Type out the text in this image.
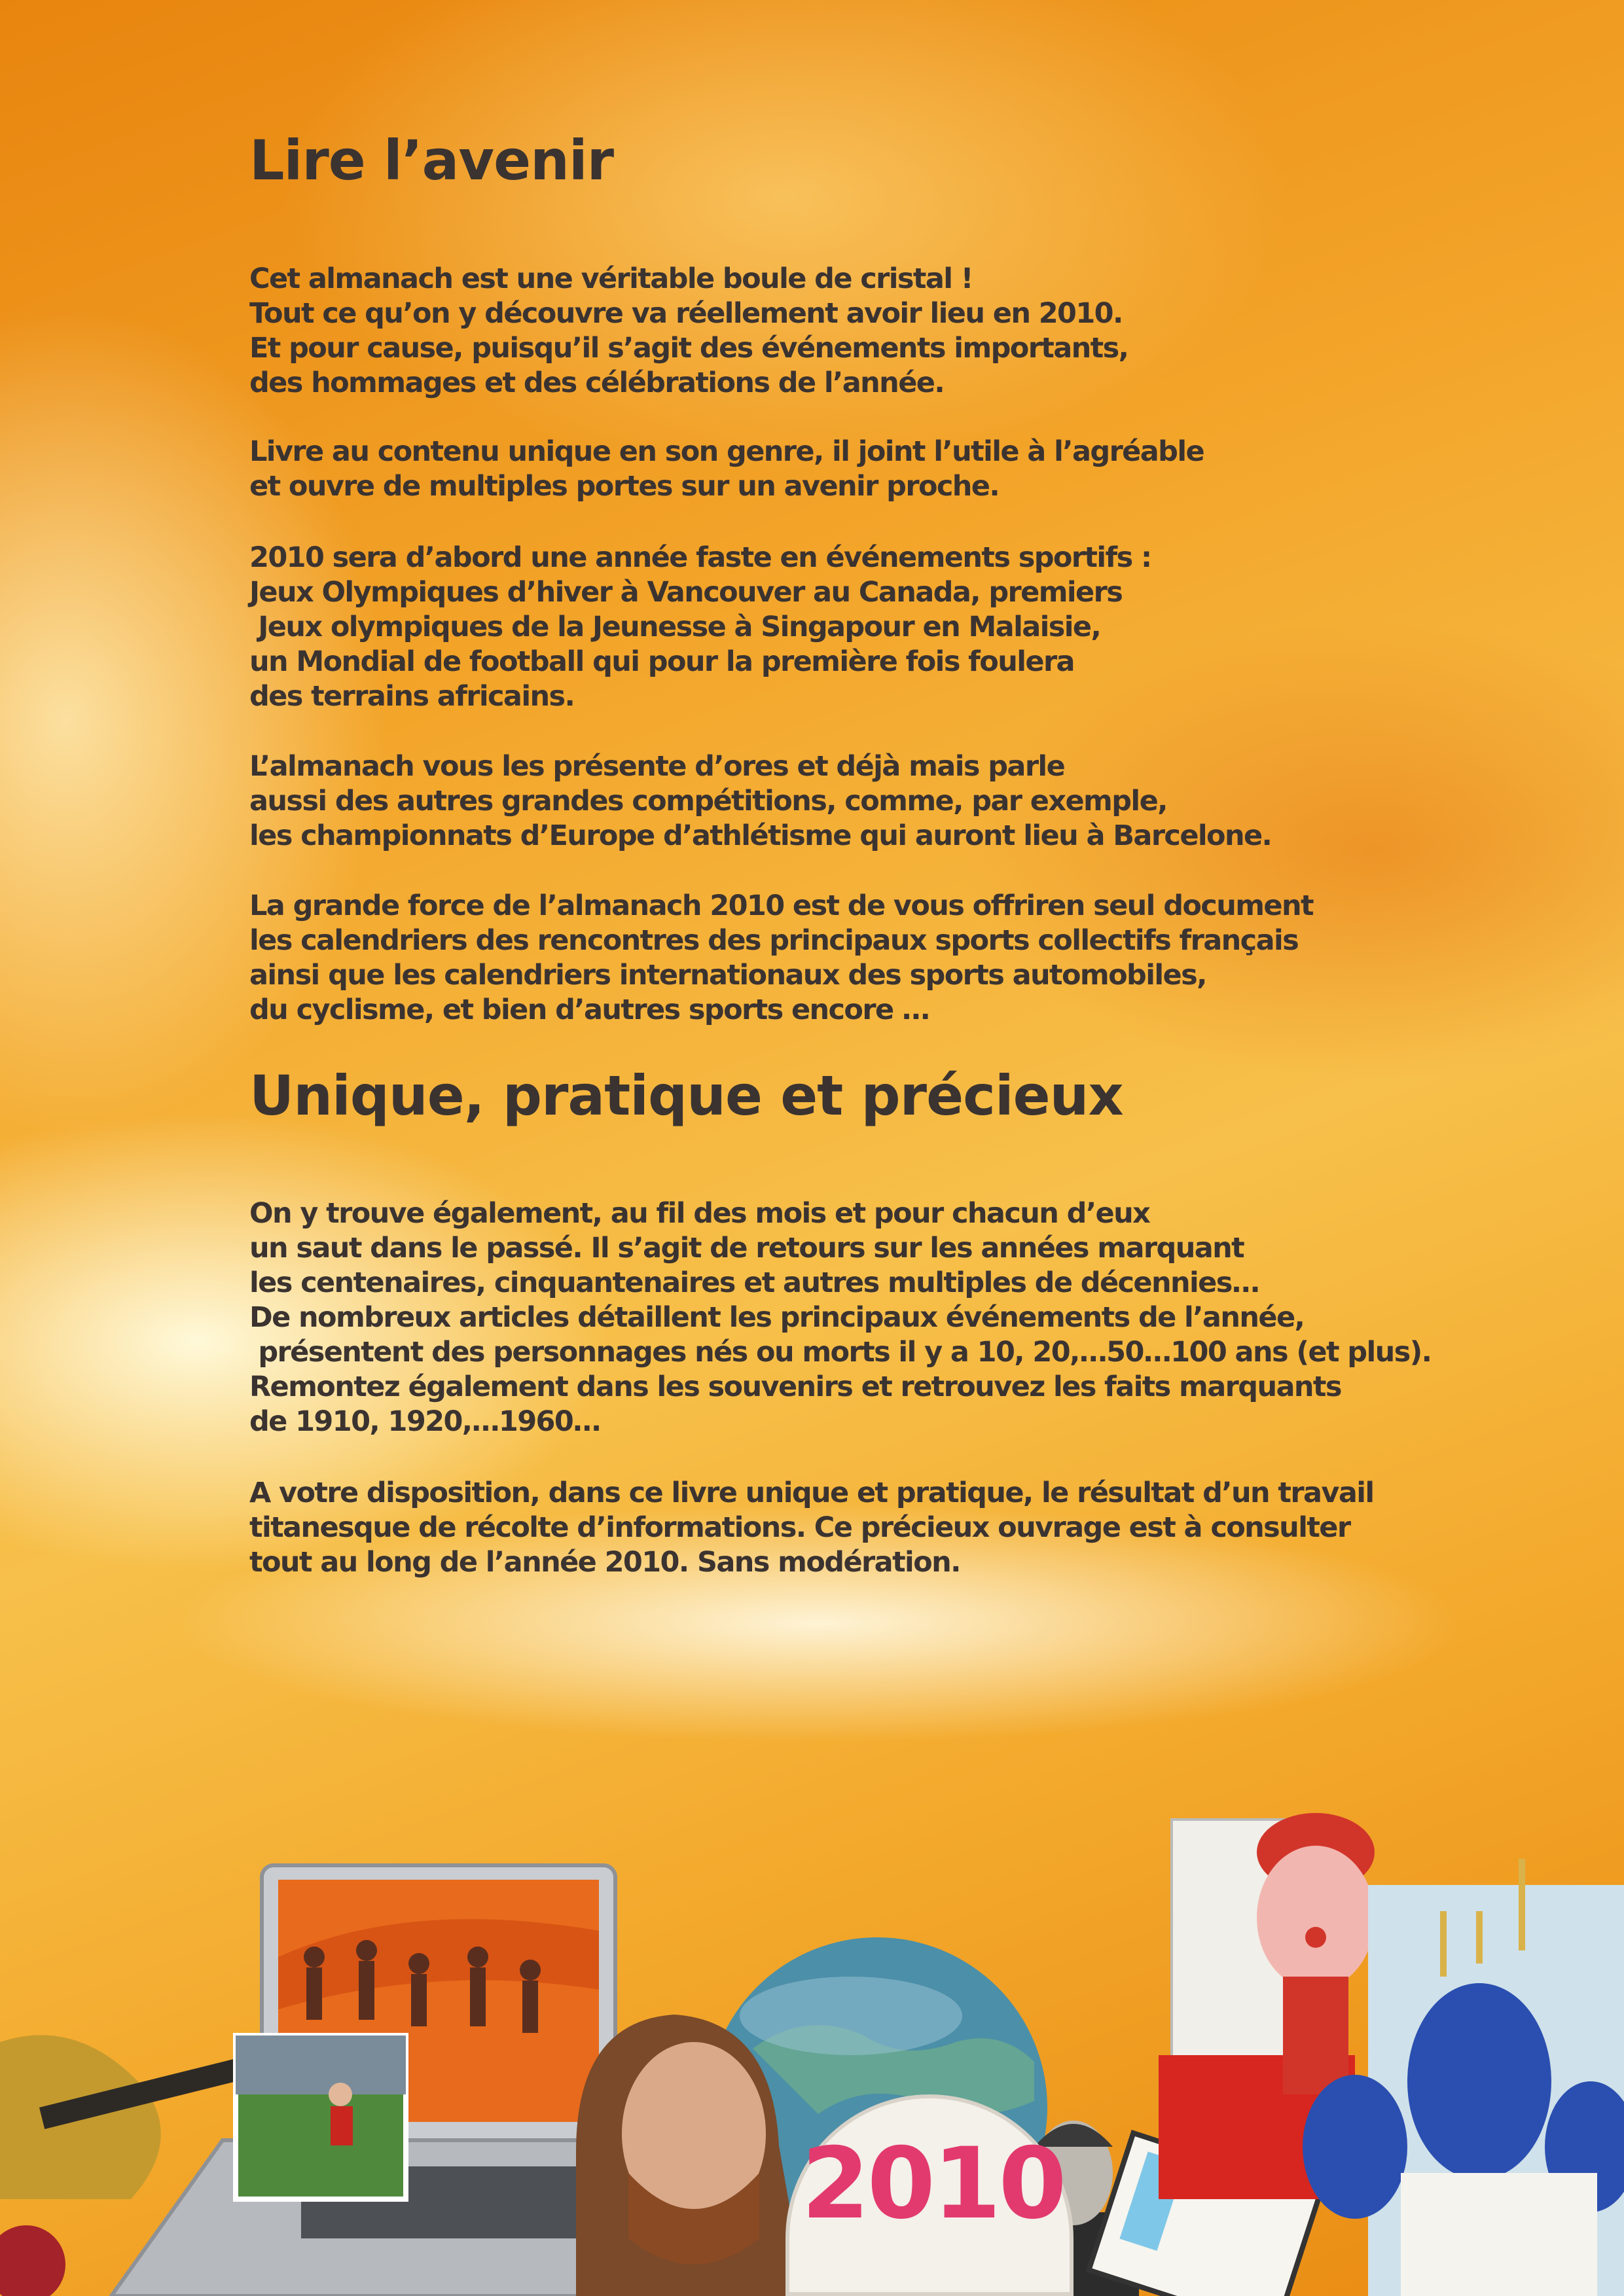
Lire l’avenir

Cet almanach est une véritable boule de cristal !
Tout ce qu’on y découvre va réellement avoir lieu en 2010.
Et pour cause, puisqu’il s’agit des événements importants,
des hommages et des célébrations de l’année.

Livre au contenu unique en son genre, il joint l’utile à l’agréable
et ouvre de multiples portes sur un avenir proche.

2010 sera d’abord une année faste en événements sportifs :
Jeux Olympiques d’hiver à Vancouver au Canada, premiers
Jeux olympiques de la Jeunesse à Singapour en Malaisie,
un Mondial de football qui pour la première fois foulera
des terrains africains.

L’almanach vous les présente d’ores et déjà mais parle
aussi des autres grandes compétitions, comme, par exemple,
les championnats d’Europe d’athlétisme qui auront lieu à Barcelone.

La grande force de l’almanach 2010 est de vous offriren seul document
les calendriers des rencontres des principaux sports collectifs français
ainsi que les calendriers internationaux des sports automobiles,
du cyclisme, et bien d’autres sports encore …

Unique, pratique et précieux

On y trouve également, au fil des mois et pour chacun d’eux
un saut dans le passé. Il s’agit de retours sur les années marquant
les centenaires, cinquantenaires et autres multiples de décennies…
De nombreux articles détaillent les principaux événements de l’année,
présentent des personnages nés ou morts il y a 10, 20,…50…100 ans (et plus).
Remontez également dans les souvenirs et retrouvez les faits marquants
de 1910, 1920,…1960…

A votre disposition, dans ce livre unique et pratique, le résultat d’un travail
titanesque de récolte d’informations. Ce précieux ouvrage est à consulter
tout au long de l’année 2010. Sans modération.

2010
